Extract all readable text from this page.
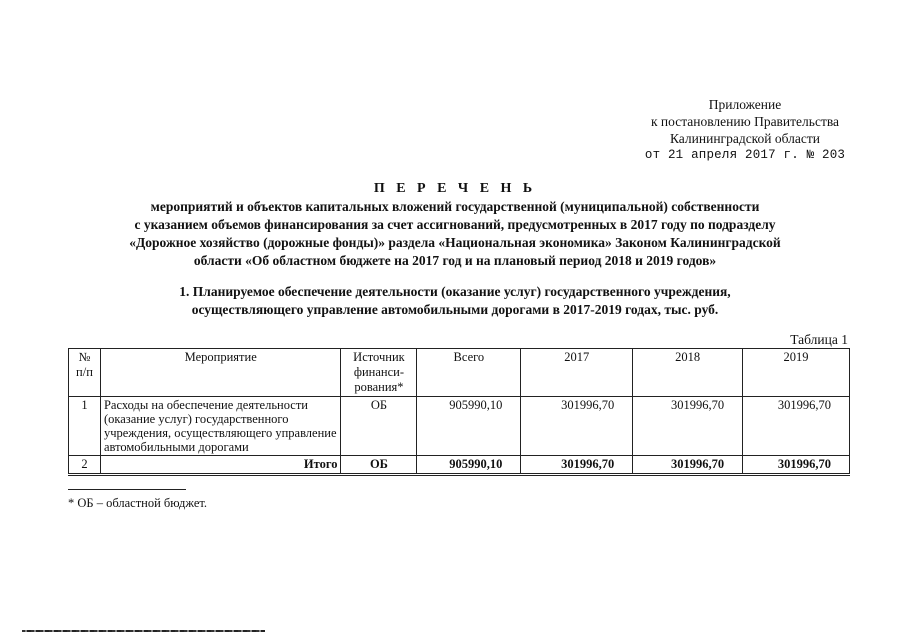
Приложение
к постановлению Правительства
Калининградской области
от 21 апреля 2017 г. № 203
П Е Р Е Ч Е Н Ь
мероприятий и объектов капитальных вложений государственной (муниципальной) собственности
с указанием объемов финансирования за счет ассигнований, предусмотренных в 2017 году по подразделу
«Дорожное хозяйство (дорожные фонды)» раздела «Национальная экономика» Законом Калининградской
области «Об областном бюджете на 2017 год и на плановый период 2018 и 2019 годов»
1. Планируемое обеспечение деятельности (оказание услуг) государственного учреждения,
осуществляющего управление автомобильными дорогами в 2017-2019 годах, тыс. руб.
Таблица 1
№ п/п	Мероприятие	Источник финанси-рования*	Всего	2017	2018	2019
1	Расходы на обеспечение деятельности (оказание услуг) государственного учреждения, осуществляющего управление автомобильными дорогами	ОБ	905990,10	301996,70	301996,70	301996,70
2	Итого	ОБ	905990,10	301996,70	301996,70	301996,70
* ОБ – областной бюджет.
